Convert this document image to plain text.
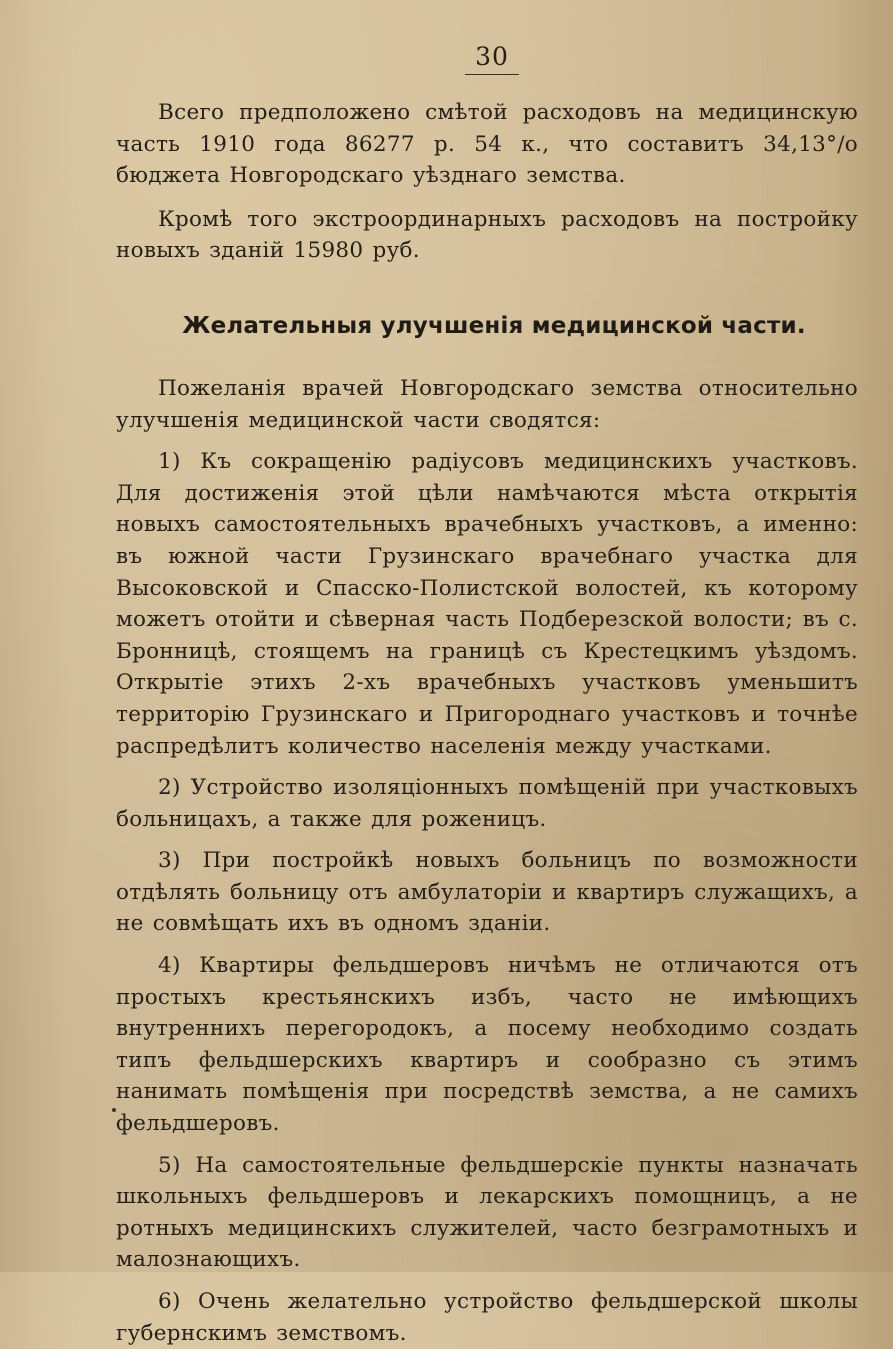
30

Всего предположено смѣтой расходовъ на медицинскую часть 1910 года 86277 р. 54 к., что составитъ 34,13°/о бюджета Новгородскаго уѣзднаго земства.

Кромѣ того экстроординарныхъ расходовъ на постройку новыхъ зданій 15980 руб.

Желательныя улучшенія медицинской части.

Пожеланія врачей Новгородскаго земства относительно улучшенія медицинской части сводятся:

1) Къ сокращенію радіусовъ медицинскихъ участковъ. Для достиженія этой цѣли намѣчаются мѣста открытія новыхъ самостоятельныхъ врачебныхъ участковъ, а именно: въ южной части Грузинскаго врачебнаго участка для Высоковской и Спасско-Полистской волостей, къ которому можетъ отойти и сѣверная часть Подберезской волости; въ с. Бронницѣ, стоящемъ на границѣ съ Крестецкимъ уѣздомъ. Открытіе этихъ 2-хъ врачебныхъ участковъ уменьшитъ территорію Грузинскаго и Пригороднаго участковъ и точнѣе распредѣлитъ количество населенія между участками.

2) Устройство изоляціонныхъ помѣщеній при участковыхъ больницахъ, а также для роженицъ.

3) При постройкѣ новыхъ больницъ по возможности отдѣлять больницу отъ амбулаторіи и квартиръ служащихъ, а не совмѣщать ихъ въ одномъ зданіи.

4) Квартиры фельдшеровъ ничѣмъ не отличаются отъ простыхъ крестьянскихъ избъ, часто не имѣющихъ внутреннихъ перегородокъ, а посему необходимо создать типъ фельдшерскихъ квартиръ и сообразно съ этимъ нанимать помѣщенія при посредствѣ земства, а не самихъ фельдшеровъ.

5) На самостоятельные фельдшерскіе пункты назначать школьныхъ фельдшеровъ и лекарскихъ помощницъ, а не ротныхъ медицинскихъ служителей, часто безграмотныхъ и малознающихъ.

6) Очень желательно устройство фельдшерской школы губернскимъ земствомъ.
